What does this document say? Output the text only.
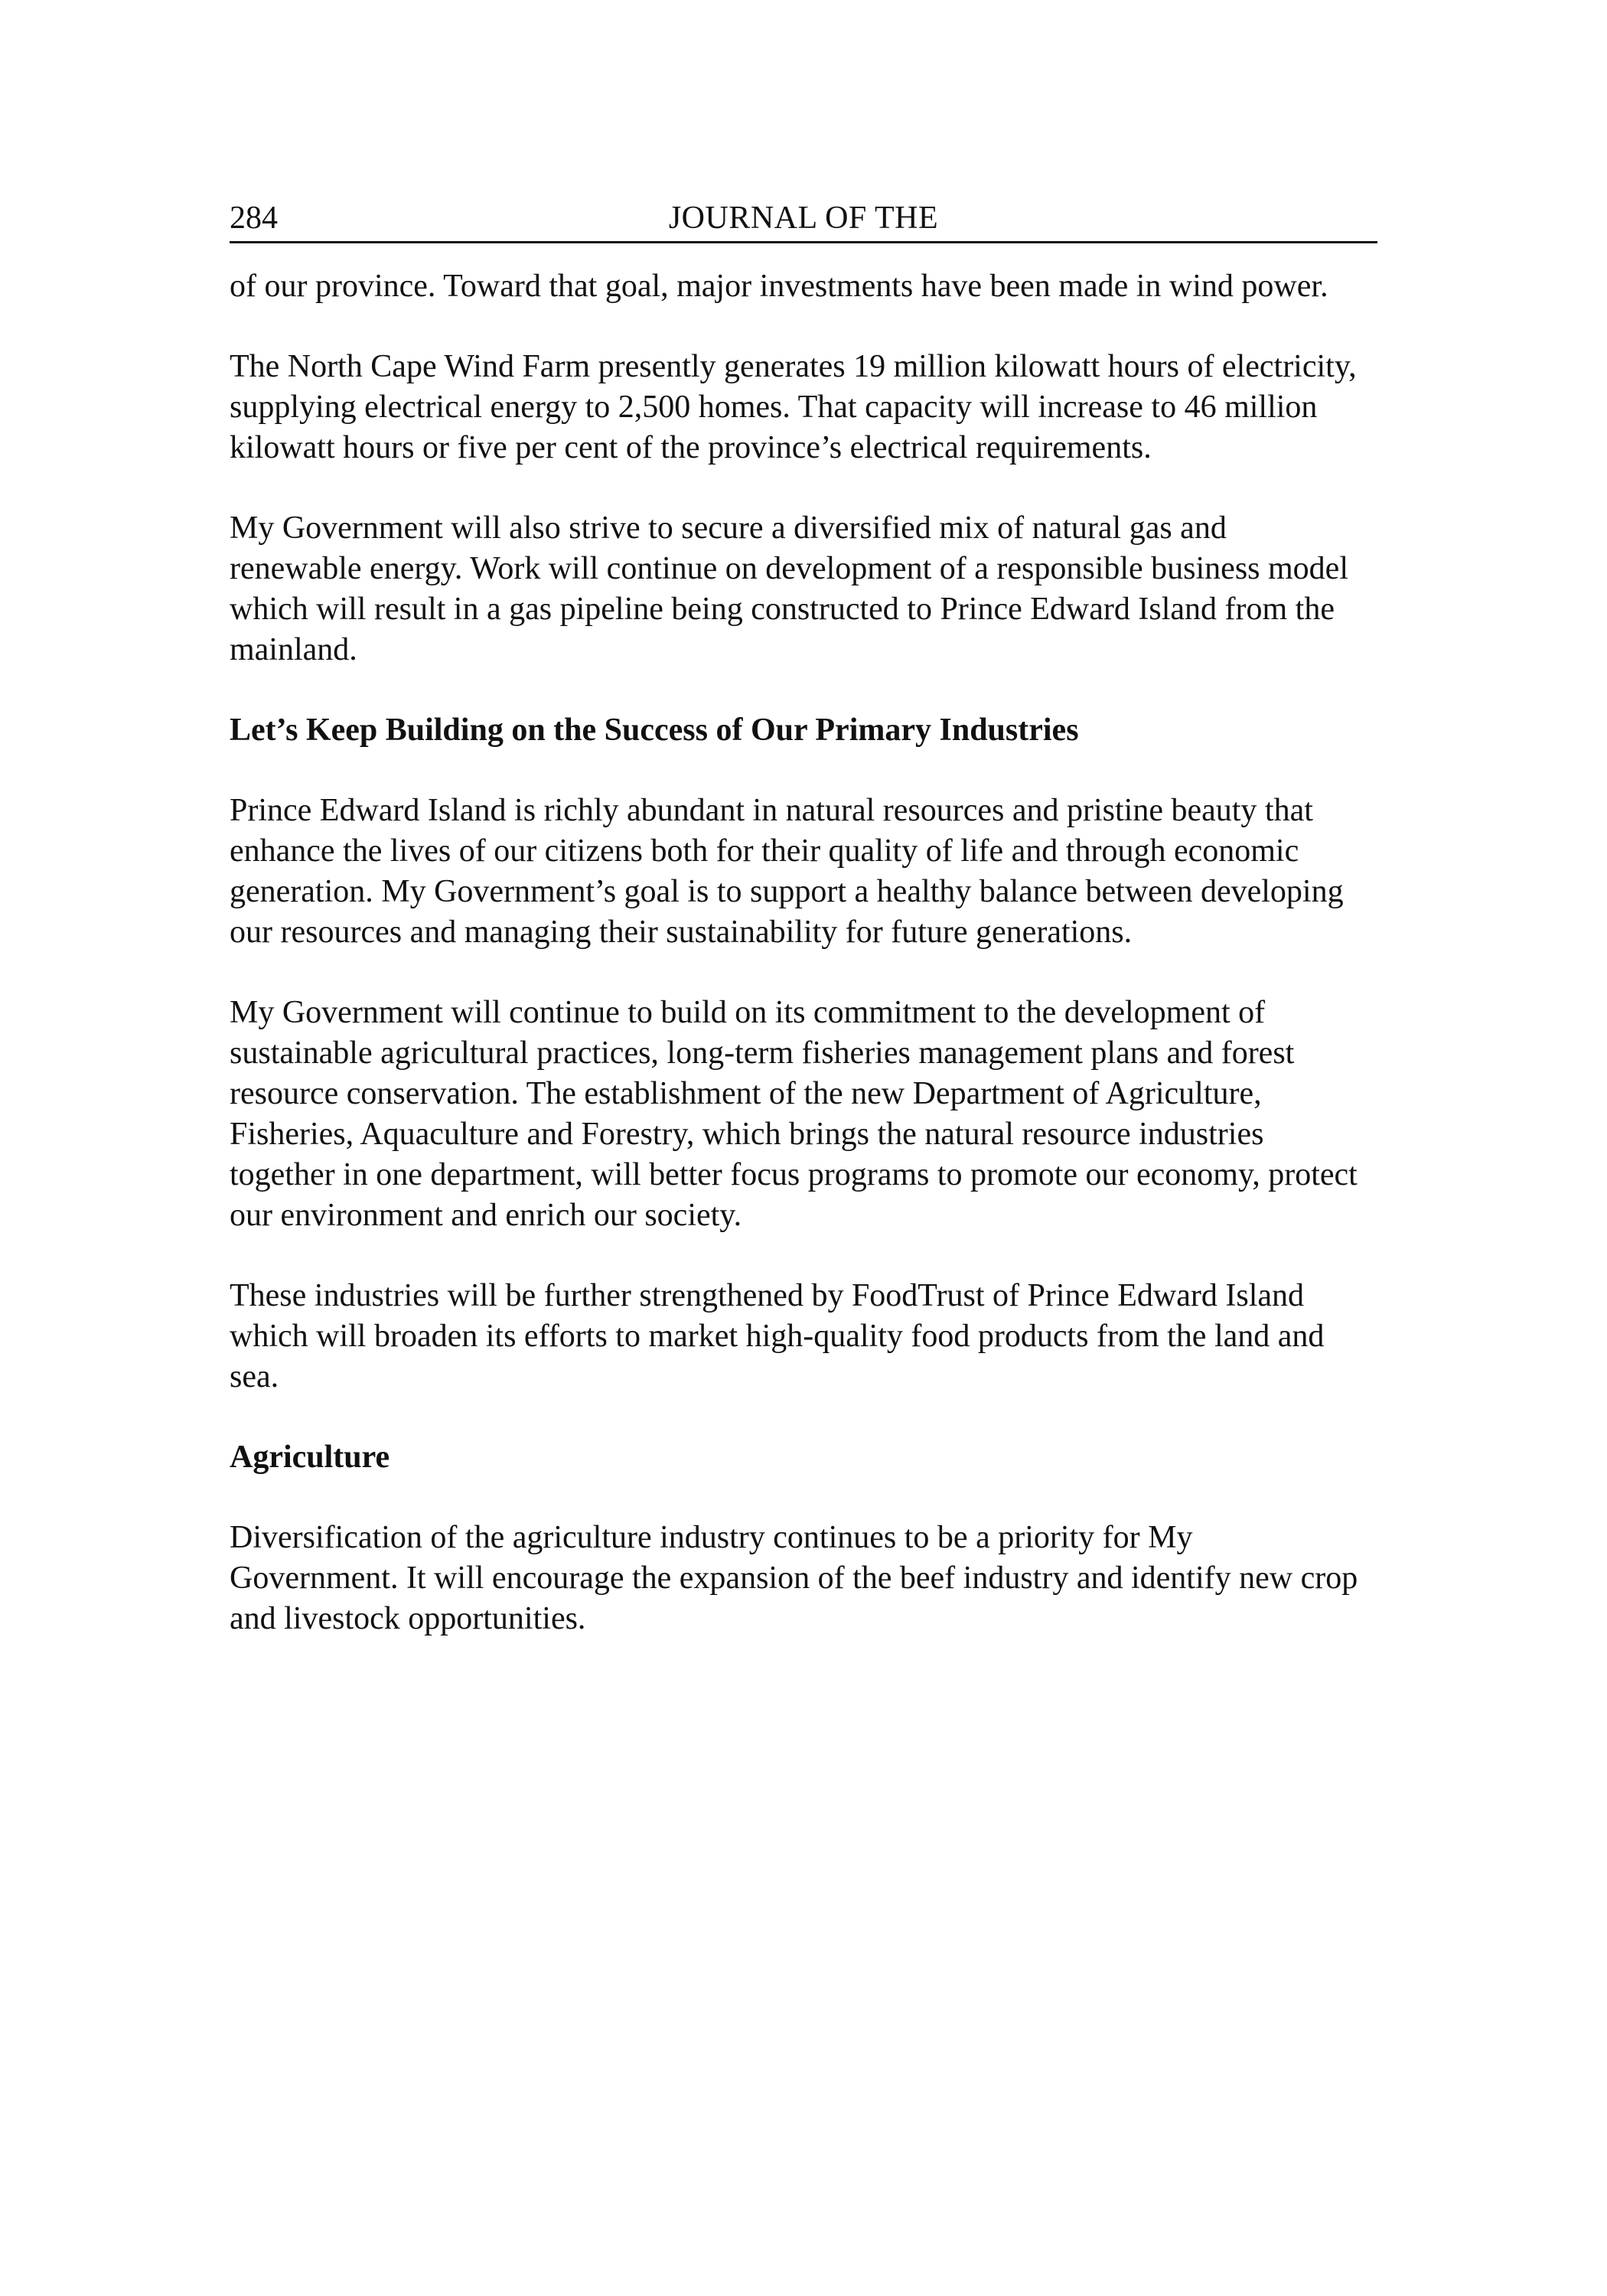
284	JOURNAL OF THE

of our province. Toward that goal, major investments have been made in wind power.

The North Cape Wind Farm presently generates 19 million kilowatt hours of electricity, supplying electrical energy to 2,500 homes. That capacity will increase to 46 million kilowatt hours or five per cent of the province’s electrical requirements.

My Government will also strive to secure a diversified mix of natural gas and renewable energy. Work will continue on development of a responsible business model which will result in a gas pipeline being constructed to Prince Edward Island from the mainland.

Let’s Keep Building on the Success of Our Primary Industries

Prince Edward Island is richly abundant in natural resources and pristine beauty that enhance the lives of our citizens both for their quality of life and through economic generation. My Government’s goal is to support a healthy balance between developing our resources and managing their sustainability for future generations.

My Government will continue to build on its commitment to the development of sustainable agricultural practices, long-term fisheries management plans and forest resource conservation. The establishment of the new Department of Agriculture, Fisheries, Aquaculture and Forestry, which brings the natural resource industries together in one department, will better focus programs to promote our economy, protect our environment and enrich our society.

These industries will be further strengthened by FoodTrust of Prince Edward Island which will broaden its efforts to market high-quality food products from the land and sea.

Agriculture

Diversification of the agriculture industry continues to be a priority for My Government. It will encourage the expansion of the beef industry and identify new crop and livestock opportunities.
